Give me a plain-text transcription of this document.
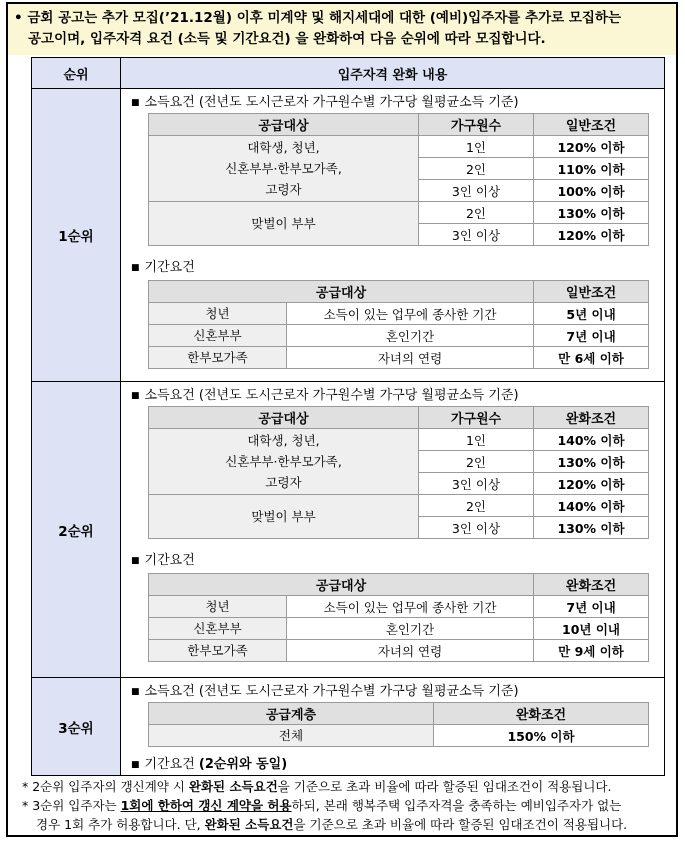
• 금회 공고는 추가 모집(’21.12월) 이후 미계약 및 해지세대에 대한 (예비)입주자를 추가로 모집하는
공고이며, 입주자격 요건 (소득 및 기간요건) 을 완화하여 다음 순위에 따라 모집합니다.
순위	입주자격 완화 내용
1순위	
■ 소득요건 (전년도 도시근로자 가구원수별 가구당 월평균소득 기준)
공급대상	가구원수	일반조건
대학생, 청년,
신혼부부·한부모가족,
고령자	1인	120% 이하
2인	110% 이하
3인 이상	100% 이하
맞벌이 부부	2인	130% 이하
3인 이상	120% 이하
■ 기간요건
공급대상	일반조건
청년	소득이 있는 업무에 종사한 기간	5년 이내
신혼부부	혼인기간	7년 이내
한부모가족	자녀의 연령	만 6세 이하

2순위	
■ 소득요건 (전년도 도시근로자 가구원수별 가구당 월평균소득 기준)
공급대상	가구원수	완화조건
대학생, 청년,
신혼부부·한부모가족,
고령자	1인	140% 이하
2인	130% 이하
3인 이상	120% 이하
맞벌이 부부	2인	140% 이하
3인 이상	130% 이하
■ 기간요건
공급대상	완화조건
청년	소득이 있는 업무에 종사한 기간	7년 이내
신혼부부	혼인기간	10년 이내
한부모가족	자녀의 연령	만 9세 이하

3순위	
■ 소득요건 (전년도 도시근로자 가구원수별 가구당 월평균소득 기준)
공급계층	완화조건
전체	150% 이하
■ 기간요건 (2순위와 동일)
* 2순위 입주자의 갱신계약 시 완화된 소득요건을 기준으로 초과 비율에 따라 할증된 임대조건이 적용됩니다.
* 3순위 입주자는 1회에 한하여 갱신 계약을 허용하되, 본래 행복주택 입주자격을 충족하는 예비입주자가 없는
경우 1회 추가 허용합니다. 단, 완화된 소득요건을 기준으로 초과 비율에 따라 할증된 임대조건이 적용됩니다.
